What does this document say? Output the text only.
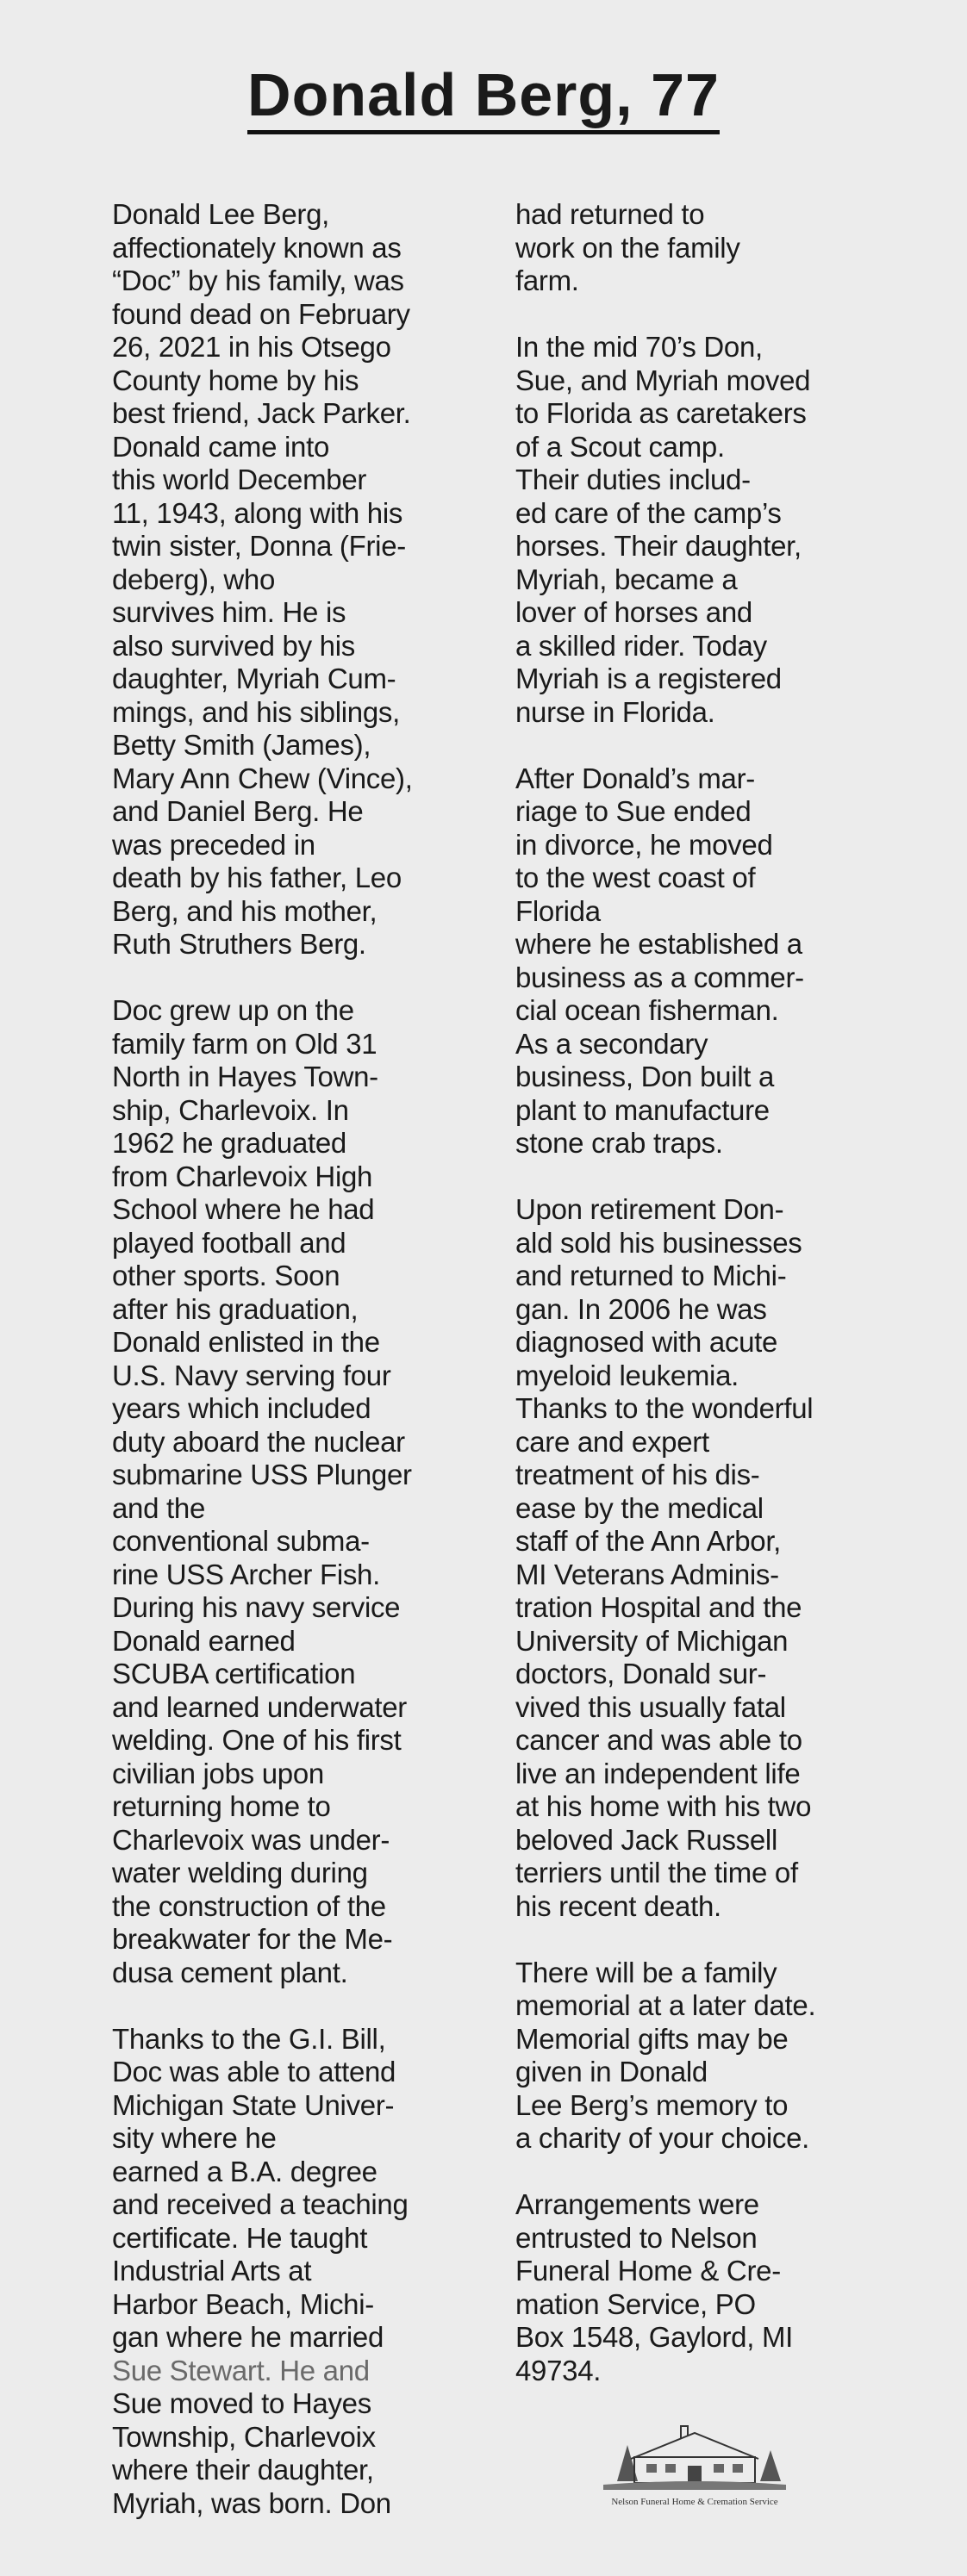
Donald Berg, 77
Donald Lee Berg,
affectionately known as
“Doc” by his family, was
found dead on February
26, 2021 in his Otsego
County home by his
best friend, Jack Parker.
Donald came into
this world December
11, 1943, along with his
twin sister, Donna (Frie-
deberg), who
survives him. He is
also survived by his
daughter, Myriah Cum-
mings, and his siblings,
Betty Smith (James),
Mary Ann Chew (Vince),
and Daniel Berg. He
was preceded in
death by his father, Leo
Berg, and his mother,
Ruth Struthers Berg.
Doc grew up on the
family farm on Old 31
North in Hayes Town-
ship, Charlevoix. In
1962 he graduated
from Charlevoix High
School where he had
played football and
other sports. Soon
after his graduation,
Donald enlisted in the
U.S. Navy serving four
years which included
duty aboard the nuclear
submarine USS Plunger
and the
conventional subma-
rine USS Archer Fish.
During his navy service
Donald earned
SCUBA certification
and learned underwater
welding. One of his first
civilian jobs upon
returning home to
Charlevoix was under-
water welding during
the construction of the
breakwater for the Me-
dusa cement plant.
Thanks to the G.I. Bill,
Doc was able to attend
Michigan State Univer-
sity where he
earned a B.A. degree
and received a teaching
certificate. He taught
Industrial Arts at
Harbor Beach, Michi-
gan where he married
Sue Stewart. He and
Sue moved to Hayes
Township, Charlevoix
where their daughter,
Myriah, was born. Don
had returned to
work on the family
farm.
In the mid 70’s Don,
Sue, and Myriah moved
to Florida as caretakers
of a Scout camp.
Their duties includ-
ed care of the camp’s
horses. Their daughter,
Myriah, became a
lover of horses and
a skilled rider. Today
Myriah is a registered
nurse in Florida.
After Donald’s mar-
riage to Sue ended
in divorce, he moved
to the west coast of
Florida
where he established a
business as a commer-
cial ocean fisherman.
As a secondary
business, Don built a
plant to manufacture
stone crab traps.
Upon retirement Don-
ald sold his businesses
and returned to Michi-
gan. In 2006 he was
diagnosed with acute
myeloid leukemia.
Thanks to the wonderful
care and expert
treatment of his dis-
ease by the medical
staff of the Ann Arbor,
MI Veterans Adminis-
tration Hospital and the
University of Michigan
doctors, Donald sur-
vived this usually fatal
cancer and was able to
live an independent life
at his home with his two
beloved Jack Russell
terriers until the time of
his recent death.
There will be a family
memorial at a later date.
Memorial gifts may be
given in Donald
Lee Berg’s memory to
a charity of your choice.
Arrangements were
entrusted to Nelson
Funeral Home & Cre-
mation Service, PO
Box 1548, Gaylord, MI
49734.
Nelson Funeral Home & Cremation Service
